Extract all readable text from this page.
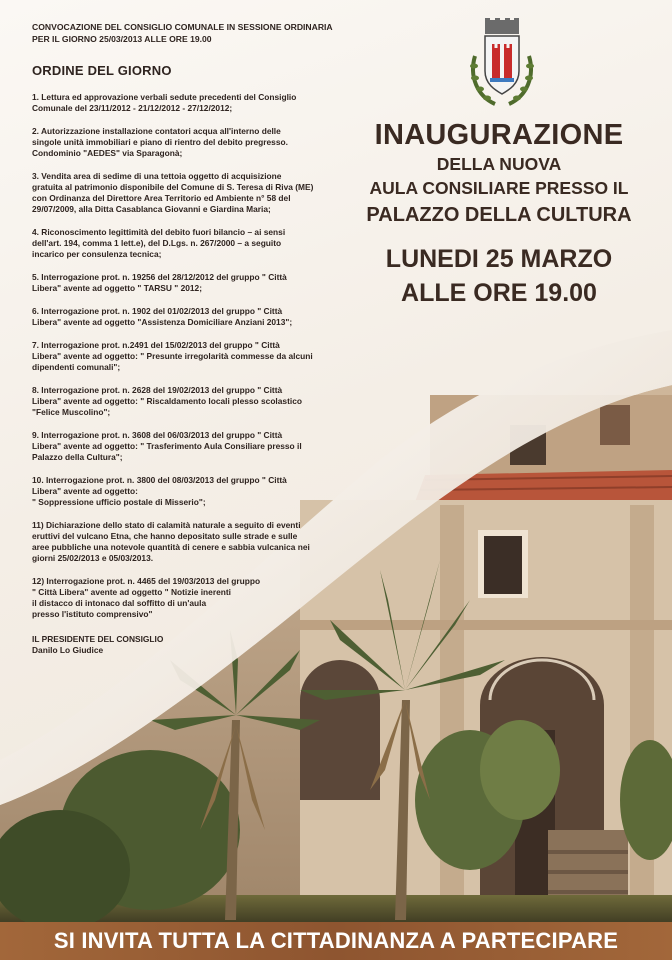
CONVOCAZIONE DEL CONSIGLIO COMUNALE IN SESSIONE ORDINARIA
PER IL GIORNO 25/03/2013 ALLE ORE 19.00

ORDINE DEL GIORNO
1. Lettura ed approvazione verbali sedute precedenti del Consiglio
Comunale del 23/11/2012 - 21/12/2012 - 27/12/2012;
2. Autorizzazione installazione contatori acqua all'interno delle
singole unità immobiliari e piano di rientro del debito pregresso.
Condominio "AEDES" via Sparagonà;
3. Vendita area di sedime di una tettoia oggetto di acquisizione
gratuita al patrimonio disponibile del Comune di S. Teresa di Riva (ME)
con Ordinanza del Direttore Area Territorio ed Ambiente n° 58 del
29/07/2009, alla Ditta Casablanca Giovanni e Giardina Maria;
4. Riconoscimento legittimità del debito fuori bilancio – ai sensi
dell'art. 194, comma 1 lett.e), del D.Lgs. n. 267/2000 – a seguito
incarico per consulenza tecnica;
5. Interrogazione prot. n. 19256 del 28/12/2012 del gruppo " Città
Libera" avente ad oggetto " TARSU " 2012;
6. Interrogazione prot. n. 1902 del 01/02/2013 del gruppo " Città
Libera" avente ad oggetto "Assistenza Domiciliare Anziani 2013";
7. Interrogazione prot. n.2491 del 15/02/2013 del gruppo " Città
Libera" avente ad oggetto: " Presunte irregolarità commesse da alcuni
dipendenti comunali";
8. Interrogazione prot. n. 2628 del 19/02/2013 del gruppo " Città
Libera" avente ad oggetto: " Riscaldamento locali plesso scolastico
"Felice Muscolino";
9. Interrogazione prot. n. 3608 del 06/03/2013 del gruppo " Città
Libera" avente ad oggetto: " Trasferimento Aula Consiliare presso il
Palazzo della Cultura";
10. Interrogazione prot. n. 3800 del 08/03/2013 del gruppo " Città
Libera" avente ad oggetto:
" Soppressione ufficio postale di Misserio";
11) Dichiarazione dello stato di calamità naturale a seguito di eventi
eruttivi del vulcano Etna, che hanno depositato sulle strade e sulle
aree pubbliche una notevole quantità di cenere e sabbia vulcanica nei
giorni 25/02/2013 e 05/03/2013.
12) Interrogazione prot. n. 4465 del 19/03/2013 del gruppo
" Città Libera" avente ad oggetto " Notizie inerenti
il distacco di intonaco dal soffitto di un'aula
presso l'istituto comprensivo"
IL PRESIDENTE DEL CONSIGLIO
Danilo Lo Giudice
INAUGURAZIONE
DELLA NUOVA
AULA CONSILIARE PRESSO IL
PALAZZO DELLA CULTURA
LUNEDI 25 MARZO
ALLE ORE 19.00
SI INVITA TUTTA LA CITTADINANZA A PARTECIPARE
